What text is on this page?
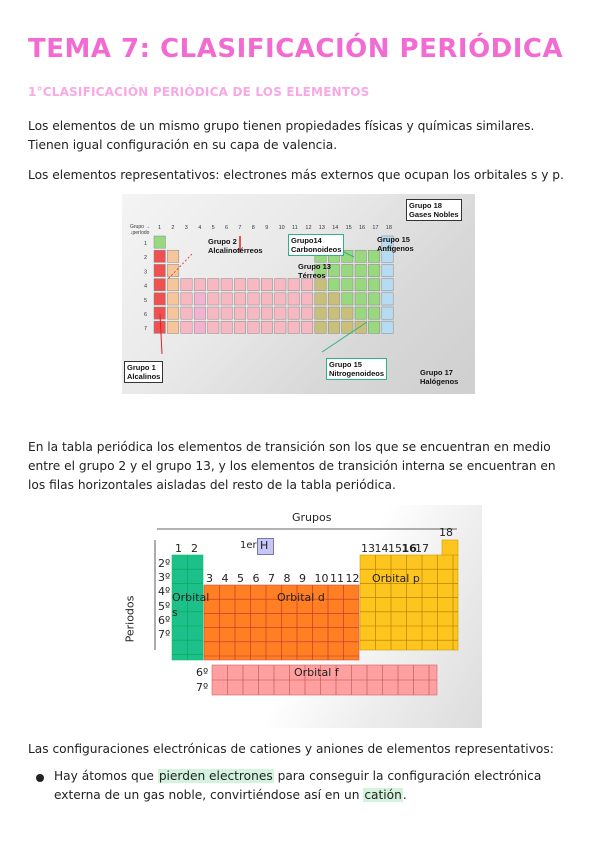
TEMA 7: CLASIFICACIÓN PERIÓDICA
1°CLASIFICACIÓN PERIÓDICA DE LOS ELEMENTOS
Los elementos de un mismo grupo tienen propiedades físicas y químicas similares. Tienen igual configuración en su capa de valencia.
Los elementos representativos: electrones más externos que ocupan los orbitales s y p.
Grupo →
↓período
1 2 3 4 5 6 7 8 9 10 11 12 13 14 15 16 17 18
1
2
3
4
5
6
7
Grupo 18
Gases Nobles
Grupo 2
Alcalinotérreos
Grupo14
Carbonoideos
Grupo 15
Anfígenos
Grupo 13
Térreos
Grupo 1
Alcalinos
Grupo 15
Nitrogenoideos	Grupo 17
Halógenos
En la tabla periódica los elementos de transición son los que se encuentran en medio entre el grupo 2 y el grupo 13, y los elementos de transición interna se encuentran en los filas horizontales aisladas del resto de la tabla periódica.
Grupos
Periodos
1 2	1er H
18
3 4 5 6 7 8 9 10 11 12
13 14 15 16
17
2º
3º
4º
5º
6º
7º
Orbital
s
Orbital d
Orbital p
Orbital f
6º
7º
Las configuraciones electrónicas de cationes y aniones de elementos representativos:
Hay átomos que pierden electrones para conseguir la configuración electrónica externa de un gas noble, convirtiéndose así en un catión.
